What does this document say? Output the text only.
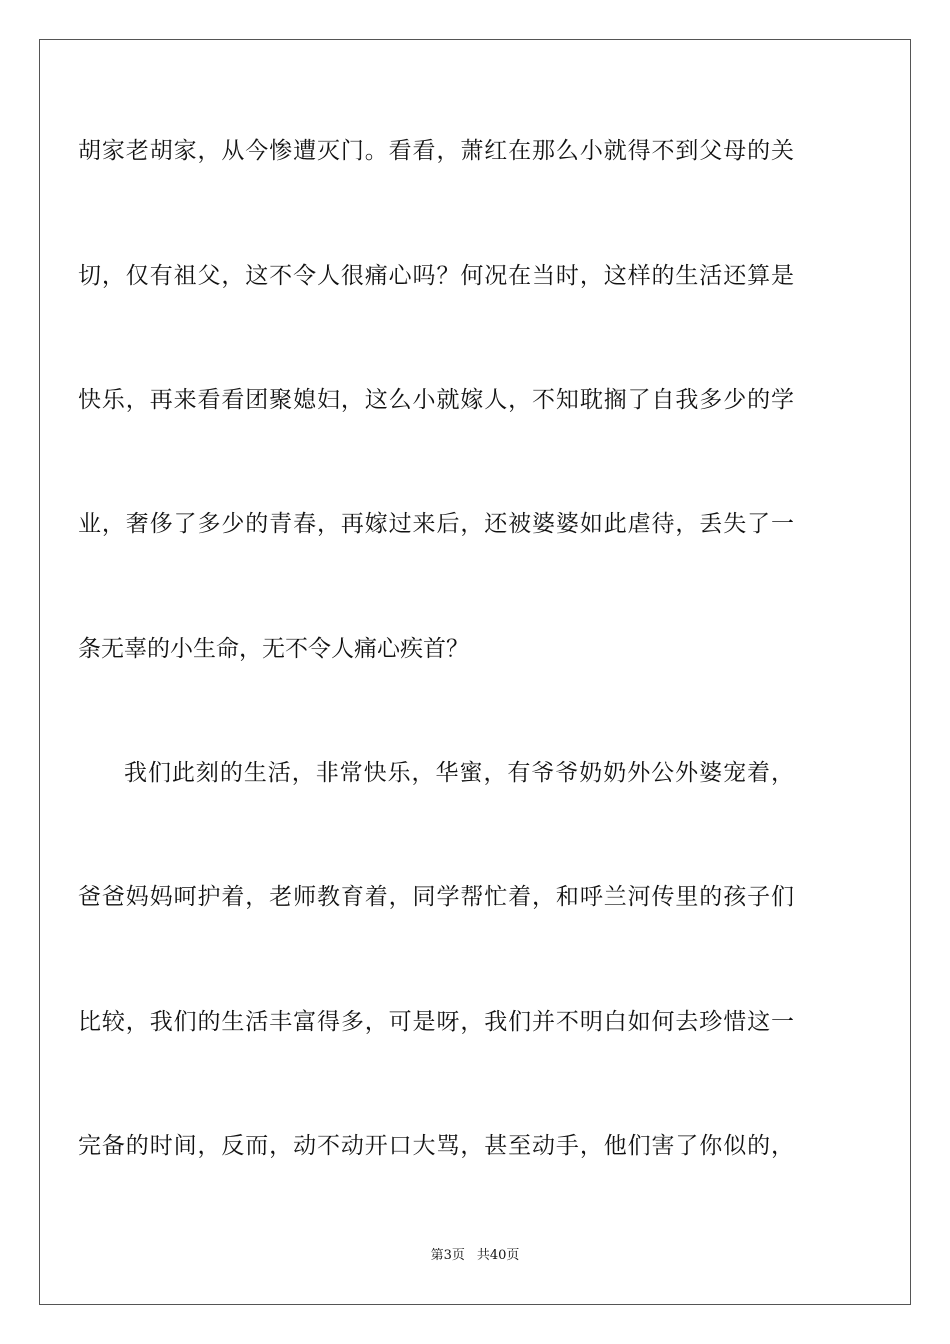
胡家老胡家，从今惨遭灭门。看看，萧红在那么小就得不到父母的关
切，仅有祖父，这不令人很痛心吗？何况在当时，这样的生活还算是
快乐，再来看看团聚媳妇，这么小就嫁人，不知耽搁了自我多少的学
业，奢侈了多少的青春，再嫁过来后，还被婆婆如此虐待，丢失了一
条无辜的小生命，无不令人痛心疾首？
我们此刻的生活，非常快乐，华蜜，有爷爷奶奶外公外婆宠着，
爸爸妈妈呵护着，老师教育着，同学帮忙着，和呼兰河传里的孩子们
比较，我们的生活丰富得多，可是呀，我们并不明白如何去珍惜这一
完备的时间，反而，动不动开口大骂，甚至动手，他们害了你似的，
第3页 共40页
